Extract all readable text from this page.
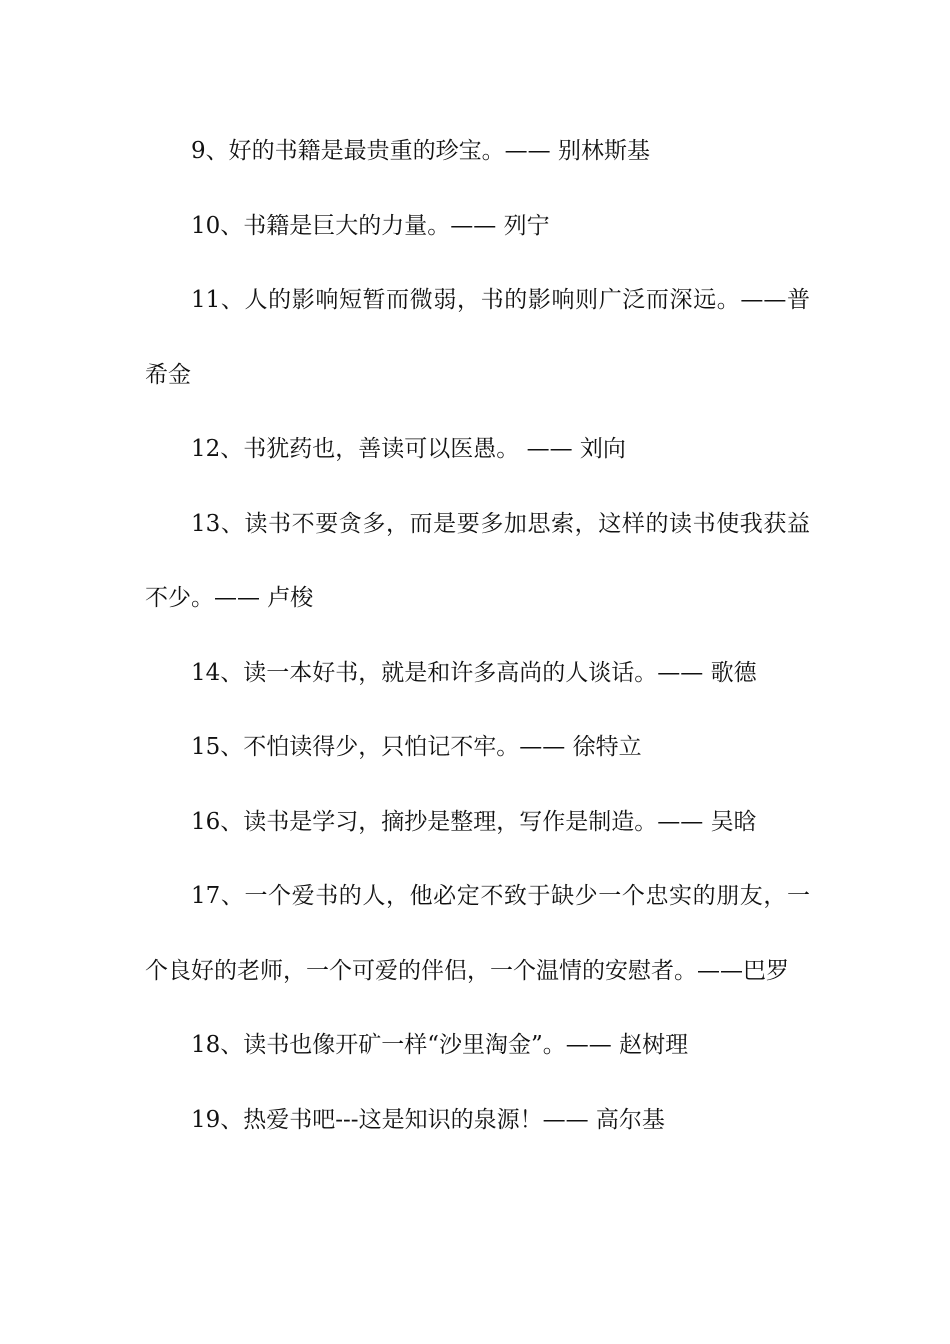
9、好的书籍是最贵重的珍宝。—— 别林斯基
10、书籍是巨大的力量。—— 列宁
11、人的影响短暂而微弱，书的影响则广泛而深远。——普希金
12、书犹药也，善读可以医愚。 —— 刘向
13、读书不要贪多，而是要多加思索，这样的读书使我获益不少。—— 卢梭
14、读一本好书，就是和许多高尚的人谈话。—— 歌德
15、不怕读得少，只怕记不牢。—— 徐特立
16、读书是学习，摘抄是整理，写作是制造。—— 吴晗
17、一个爱书的人，他必定不致于缺少一个忠实的朋友，一个良好的老师，一个可爱的伴侣，一个温情的安慰者。——巴罗
18、读书也像开矿一样“沙里淘金”。—— 赵树理
19、热爱书吧---这是知识的泉源！—— 高尔基
